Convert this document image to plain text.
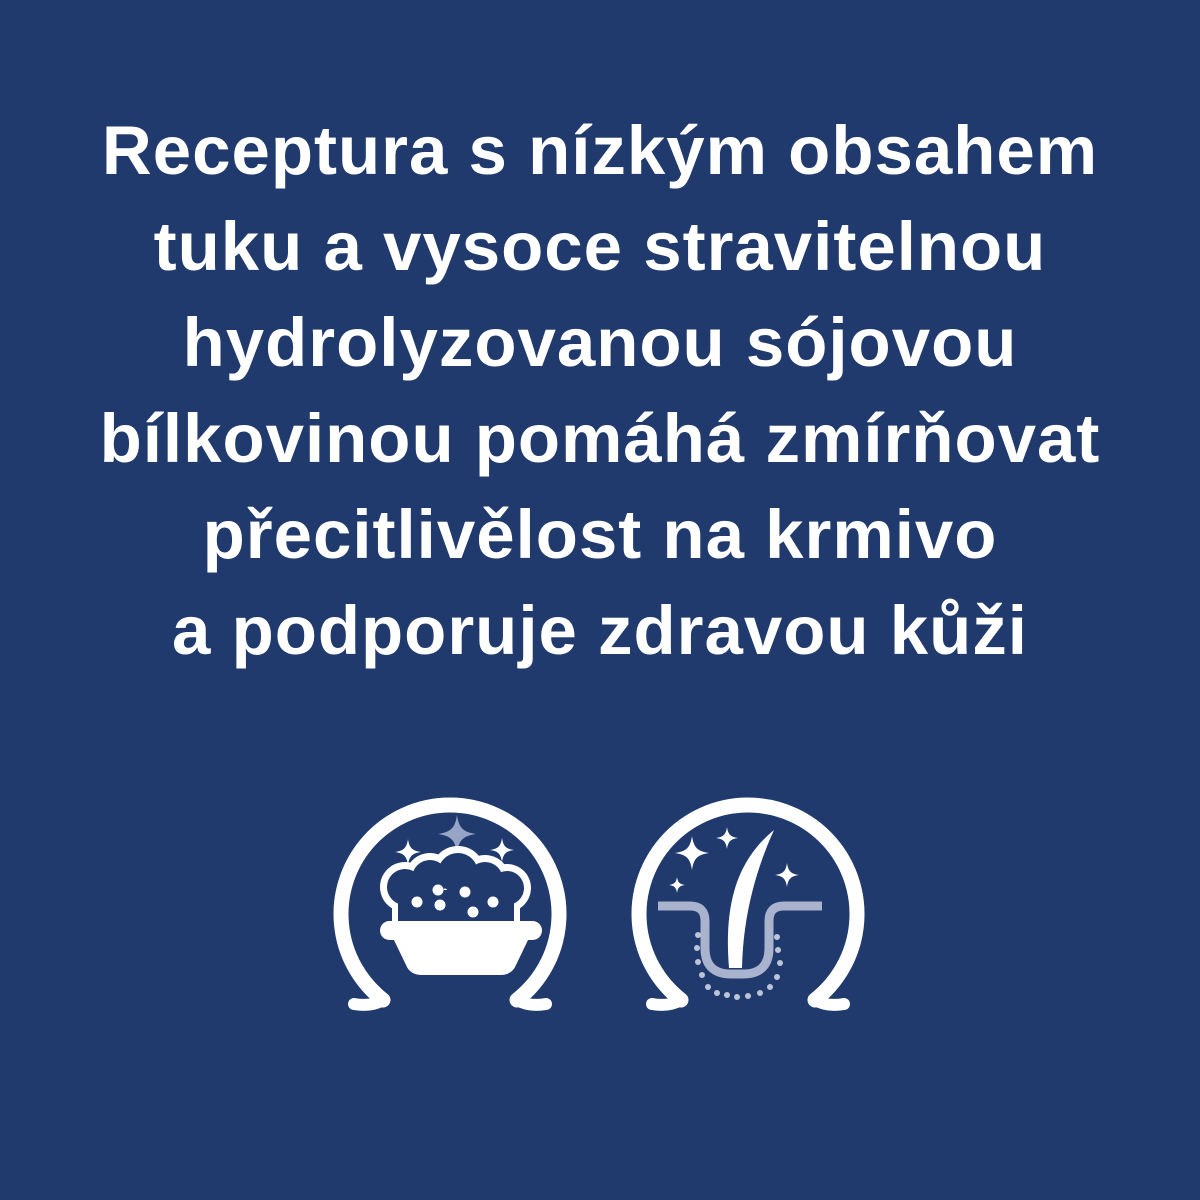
Receptura s nízkým obsahem
tuku a vysoce stravitelnou
hydrolyzovanou sójovou
bílkovinou pomáhá zmírňovat
přecitlivělost na krmivo
a podporuje zdravou kůži
